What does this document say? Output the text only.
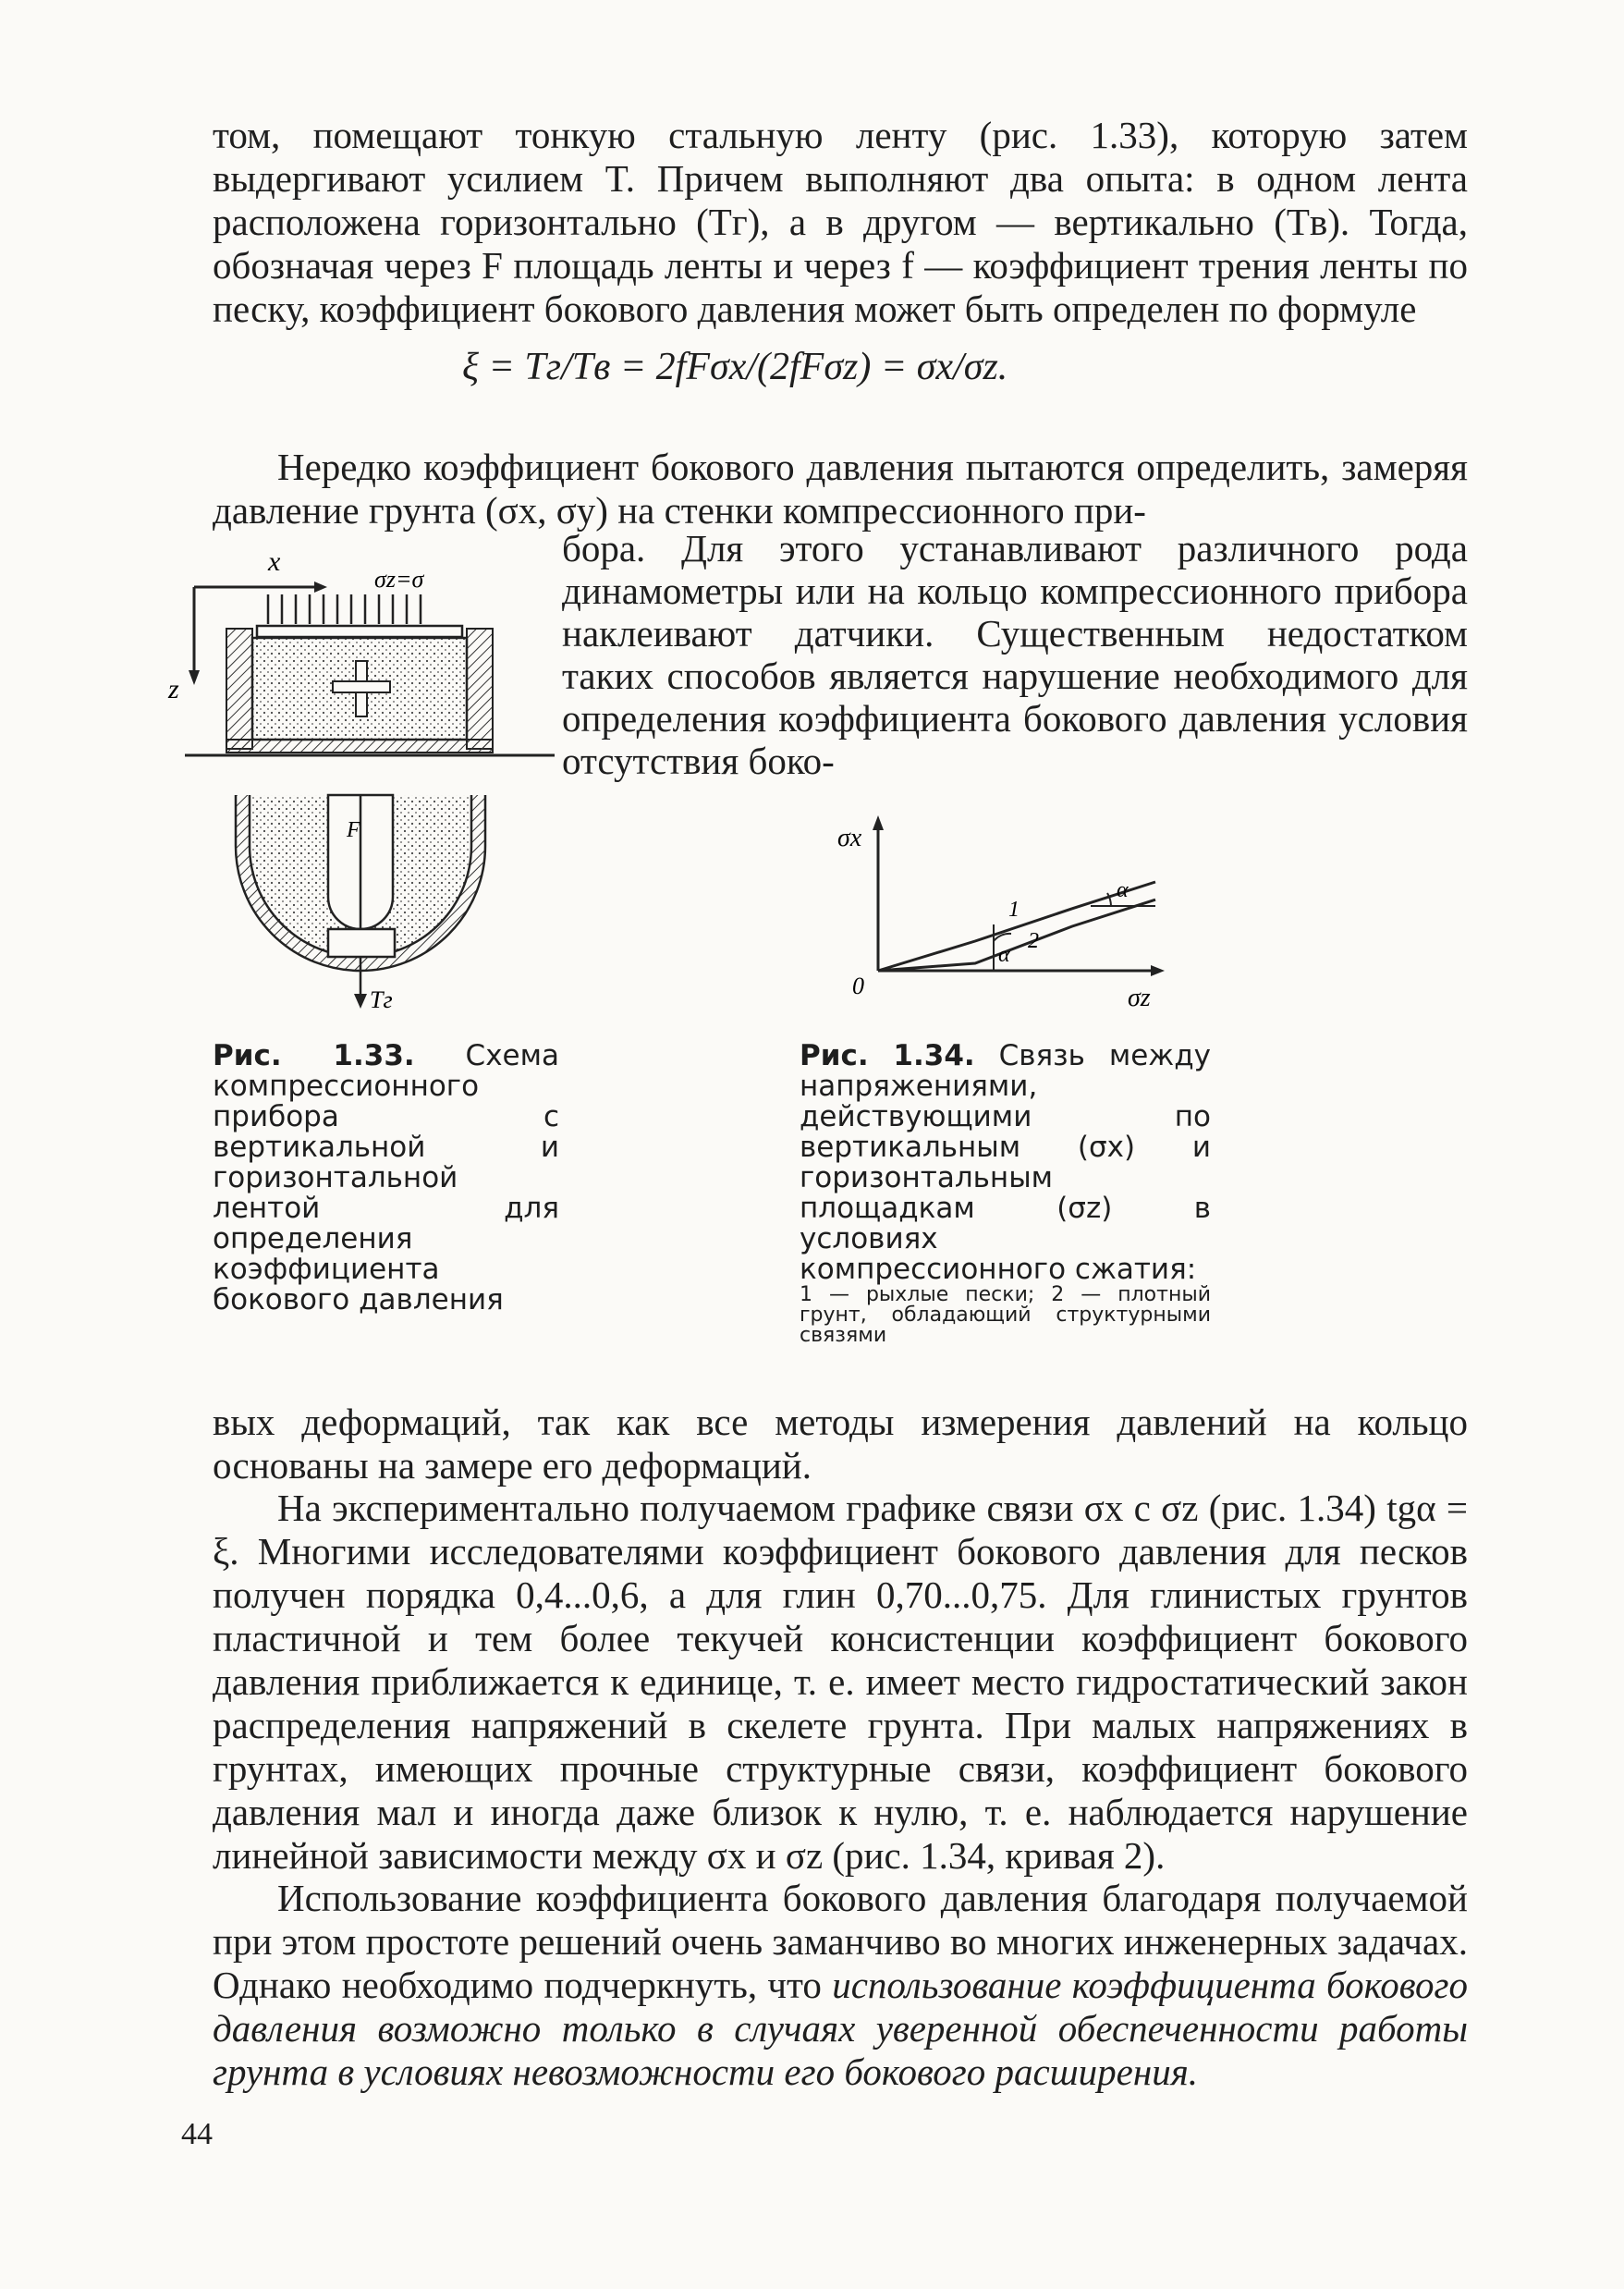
том, помещают тонкую стальную ленту (рис. 1.33), которую затем выдергивают усилием T. Причем выполняют два опыта: в одном лента расположена горизонтально (Tг), а в другом — вертикально (Tв). Тогда, обозначая через F площадь ленты и через f — коэффициент трения ленты по песку, коэффициент бокового давления может быть определен по формуле

ξ = Tг/Tв = 2fFσx/(2fFσz) = σx/σz.

Нередко коэффициент бокового давления пытаются определить, замеряя давление грунта (σx, σy) на стенки компрессионного при-

x
z
σz=σ
F
Tг

бора. Для этого устанавливают различного рода динамометры или на кольцо компрессионного прибора наклеивают датчики. Существенным недостатком таких способов является нарушение необходимого для определения коэффициента бокового давления условия отсутствия боко-

σx
σz
0
1
2
α
α

Рис. 1.33. Схема компрессионного прибора с вертикальной и горизонтальной лентой для определения коэффициента бокового давления

Рис. 1.34. Связь между напряжениями, действующими по вертикальным (σx) и горизонтальным площадкам (σz) в условиях компрессионного сжатия:

1 — рыхлые пески; 2 — плотный грунт, обладающий структурными связями

вых деформаций, так как все методы измерения давлений на кольцо основаны на замере его деформаций.

На экспериментально получаемом графике связи σx с σz (рис. 1.34) tgα = ξ. Многими исследователями коэффициент бокового давления для песков получен порядка 0,4...0,6, а для глин 0,70...0,75. Для глинистых грунтов пластичной и тем более текучей консистенции коэффициент бокового давления приближается к единице, т. е. имеет место гидростатический закон распределения напряжений в скелете грунта. При малых напряжениях в грунтах, имеющих прочные структурные связи, коэффициент бокового давления мал и иногда даже близок к нулю, т. е. наблюдается нарушение линейной зависимости между σx и σz (рис. 1.34, кривая 2).

Использование коэффициента бокового давления благодаря получаемой при этом простоте решений очень заманчиво во многих инженерных задачах. Однако необходимо подчеркнуть, что использование коэффициента бокового давления возможно только в случаях уверенной обеспеченности работы грунта в условиях невозможности его бокового расширения.

44
